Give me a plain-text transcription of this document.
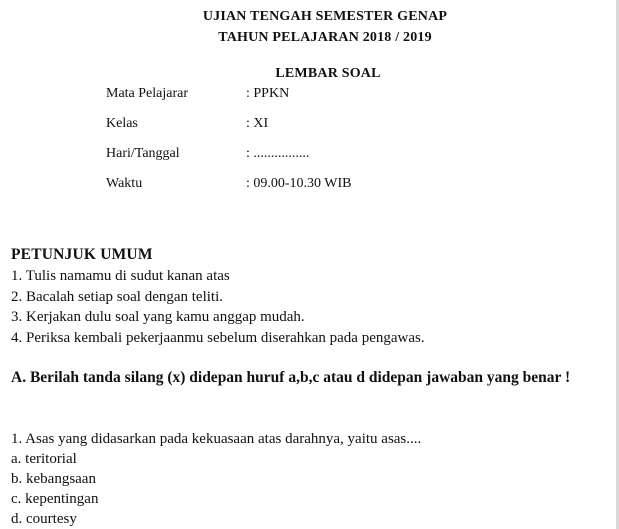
UJIAN TENGAH SEMESTER GENAP
TAHUN PELAJARAN 2018 / 2019
LEMBAR SOAL
Mata Pelajarar	: PPKN
Kelas	: XI
Hari/Tanggal	: ................
Waktu	: 09.00-10.30 WIB
PETUNJUK UMUM
1. Tulis namamu di sudut kanan atas
2. Bacalah setiap soal dengan teliti.
3. Kerjakan dulu soal yang kamu anggap mudah.
4. Periksa kembali pekerjaanmu sebelum diserahkan pada pengawas.
A. Berilah tanda silang (x) didepan huruf a,b,c atau d didepan jawaban yang benar !
1. Asas yang didasarkan pada kekuasaan atas darahnya, yaitu asas....
a. teritorial
b. kebangsaan
c. kepentingan
d. courtesy
